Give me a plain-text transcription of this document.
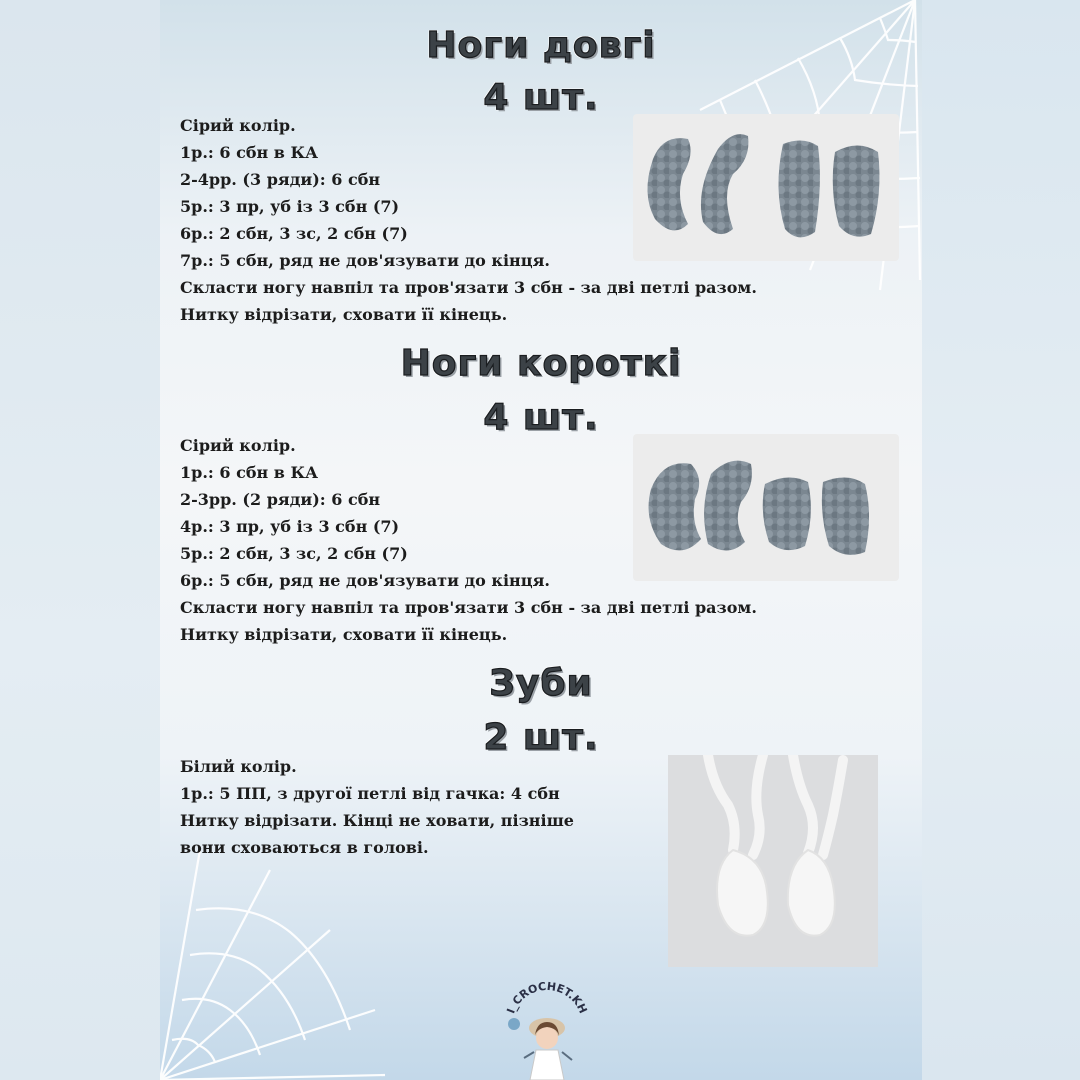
Ноги довгі
4 шт.
Сірий колір.
1р.: 6 сбн в КА
2-4рр. (3 ряди): 6 сбн
5р.: 3 пр, уб із 3 сбн (7)
6р.: 2 сбн, 3 зс, 2 сбн (7)
7р.: 5 сбн, ряд не дов'язувати до кінця.
Скласти ногу навпіл та пров'язати 3 сбн - за дві петлі разом.
Нитку відрізати, сховати її кінець.
Ноги короткі
4 шт.
Сірий колір.
1р.: 6 сбн в КА
2-3рр. (2 ряди): 6 сбн
4р.: 3 пр, уб із 3 сбн (7)
5р.: 2 сбн, 3 зс, 2 сбн (7)
6р.: 5 сбн, ряд не дов'язувати до кінця.
Скласти ногу навпіл та пров'язати 3 сбн - за дві петлі разом.
Нитку відрізати, сховати її кінець.
Зуби
2 шт.
Білий колір.
1р.: 5 ПП, з другої петлі від гачка: 4 сбн
Нитку відрізати. Кінці не ховати, пізніше
вони сховаються в голові.
I_CROCHET.KH
